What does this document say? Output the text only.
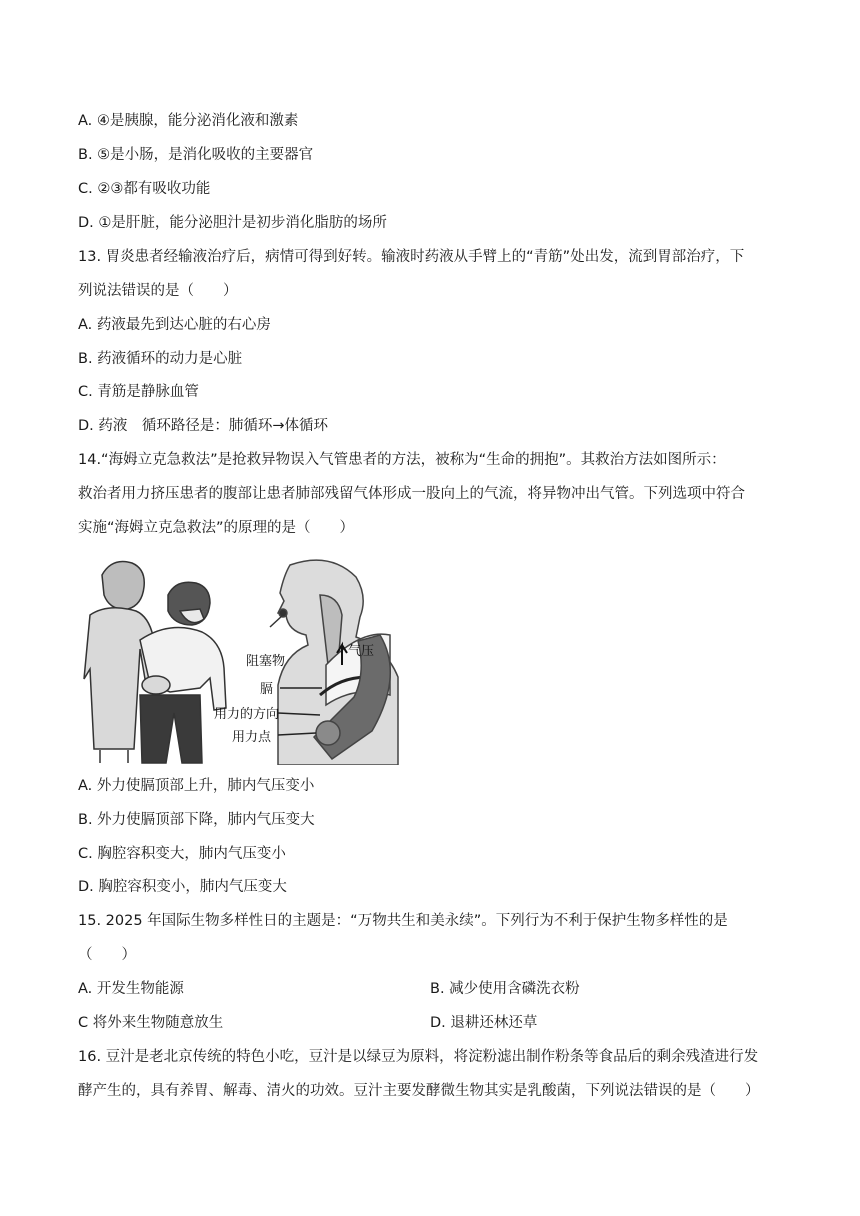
A. ④是胰腺，能分泌消化液和激素
B. ⑤是小肠，是消化吸收的主要器官
C. ②③都有吸收功能
D. ①是肝脏，能分泌胆汁是初步消化脂肪的场所
13. 胃炎患者经输液治疗后，病情可得到好转。输液时药液从手臂上的“青筋”处出发，流到胃部治疗，下
列说法错误的是（　　）
A. 药液最先到达心脏的右心房
B. 药液循环的动力是心脏
C. 青筋是静脉血管
D. 药液　循环路径是：肺循环→体循环
14.“海姆立克急救法”是抢救异物误入气管患者的方法，被称为“生命的拥抱”。其救治方法如图所示：
救治者用力挤压患者的腹部让患者肺部残留气体形成一股向上的气流，将异物冲出气管。下列选项中符合
实施“海姆立克急救法”的原理的是（　　）
阻塞物
气压
膈
用力的方向
用力点
A. 外力使膈顶部上升，肺内气压变小
B. 外力使膈顶部下降，肺内气压变大
C. 胸腔容积变大，肺内气压变小
D. 胸腔容积变小，肺内气压变大
15. 2025 年国际生物多样性日的主题是：“万物共生和美永续”。下列行为不利于保护生物多样性的是
（　　）
A. 开发生物能源	B. 减少使用含磷洗衣粉
C 将外来生物随意放生	D. 退耕还林还草
16. 豆汁是老北京传统的特色小吃，豆汁是以绿豆为原料，将淀粉滤出制作粉条等食品后的剩余残渣进行发
酵产生的，具有养胃、解毒、清火的功效。豆汁主要发酵微生物其实是乳酸菌，下列说法错误的是（　　）
